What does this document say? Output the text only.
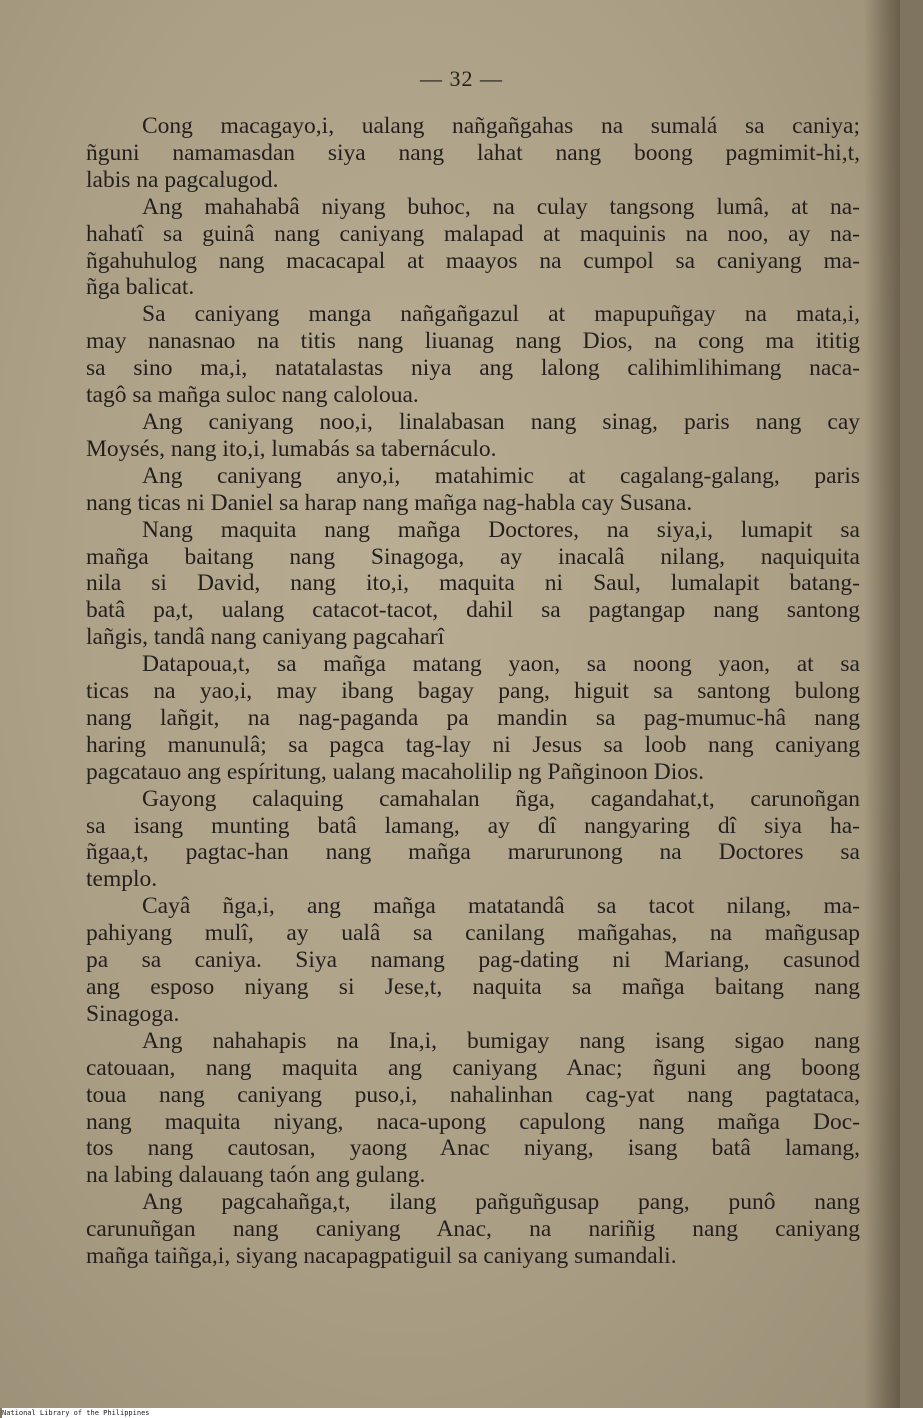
— 32 —
Cong macagayo,i, ualang nañgañgahas na sumalá sa caniya;
ñguni namamasdan siya nang lahat nang boong pagmimit-hi,t,
labis na pagcalugod.
Ang mahahabâ niyang buhoc, na culay tangsong lumâ, at na-
hahatî sa guinâ nang caniyang malapad at maquinis na noo, ay na-
ñgahuhulog nang macacapal at maayos na cumpol sa caniyang ma-
ñga balicat.
Sa caniyang manga nañgañgazul at mapupuñgay na mata,i,
may nanasnao na titis nang liuanag nang Dios, na cong ma ititig
sa sino ma,i, natatalastas niya ang lalong calihimlihimang naca-
tagô sa mañga suloc nang caloloua.
Ang caniyang noo,i, linalabasan nang sinag, paris nang cay
Moysés, nang ito,i, lumabás sa tabernáculo.
Ang caniyang anyo,i, matahimic at cagalang-galang, paris
nang ticas ni Daniel sa harap nang mañga nag-habla cay Susana.
Nang maquita nang mañga Doctores, na siya,i, lumapit sa
mañga baitang nang Sinagoga, ay inacalâ nilang, naquiquita
nila si David, nang ito,i, maquita ni Saul, lumalapit batang-
batâ pa,t, ualang catacot-tacot, dahil sa pagtangap nang santong
lañgis, tandâ nang caniyang pagcaharî
Datapoua,t, sa mañga matang yaon, sa noong yaon, at sa
ticas na yao,i, may ibang bagay pang, higuit sa santong bulong
nang lañgit, na nag-paganda pa mandin sa pag-mumuc-hâ nang
haring manunulâ; sa pagca tag-lay ni Jesus sa loob nang caniyang
pagcatauo ang espíritung, ualang macaholilip ng Pañginoon Dios.
Gayong calaquing camahalan ñga, cagandahat,t, carunoñgan
sa isang munting batâ lamang, ay dî nangyaring dî siya ha-
ñgaa,t, pagtac-han nang mañga marurunong na Doctores sa
templo.
Cayâ ñga,i, ang mañga matatandâ sa tacot nilang, ma-
pahiyang mulî, ay ualâ sa canilang mañgahas, na mañgusap
pa sa caniya. Siya namang pag-dating ni Mariang, casunod
ang esposo niyang si Jese,t, naquita sa mañga baitang nang
Sinagoga.
Ang nahahapis na Ina,i, bumigay nang isang sigao nang
catouaan, nang maquita ang caniyang Anac; ñguni ang boong
toua nang caniyang puso,i, nahalinhan cag-yat nang pagtataca,
nang maquita niyang, naca-upong capulong nang mañga Doc-
tos nang cautosan, yaong Anac niyang, isang batâ lamang,
na labing dalauang taón ang gulang.
Ang pagcahañga,t, ilang pañguñgusap pang, punô nang
carunuñgan nang caniyang Anac, na nariñig nang caniyang
mañga taiñga,i, siyang nacapagpatiguil sa caniyang sumandali.
National Library of the Philippines
